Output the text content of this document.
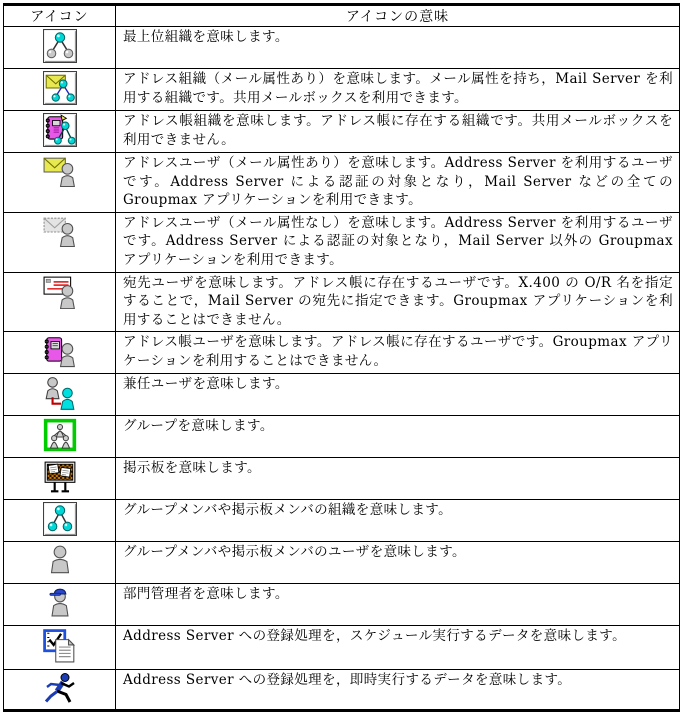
アイコン	アイコンの意味
	最上位組織を意味します。
	アドレス組織（メール属性あり）を意味します。メール属性を持ち，Mail Server を利用する組織です。共用メールボックスを利用できます。
	アドレス帳組織を意味します。アドレス帳に存在する組織です。共用メールボックスを利用できません。
	アドレスユーザ（メール属性あり）を意味します。Address Server を利用するユーザです。Address Server による認証の対象となり，Mail Server などの全ての Groupmax アプリケーションを利用できます。
	アドレスユーザ（メール属性なし）を意味します。Address Server を利用するユーザです。Address Server による認証の対象となり，Mail Server 以外の Groupmax アプリケーションを利用できます。
	宛先ユーザを意味します。アドレス帳に存在するユーザです。X.400 の O/R 名を指定することで，Mail Server の宛先に指定できます。Groupmax アプリケーションを利用することはできません。
	アドレス帳ユーザを意味します。アドレス帳に存在するユーザです。Groupmax アプリケーションを利用することはできません。
	兼任ユーザを意味します。
	グループを意味します。
	掲示板を意味します。
	グループメンバや掲示板メンバの組織を意味します。
	グループメンバや掲示板メンバのユーザを意味します。
	部門管理者を意味します。
	Address Server への登録処理を，スケジュール実行するデータを意味します。
	Address Server への登録処理を，即時実行するデータを意味します。
